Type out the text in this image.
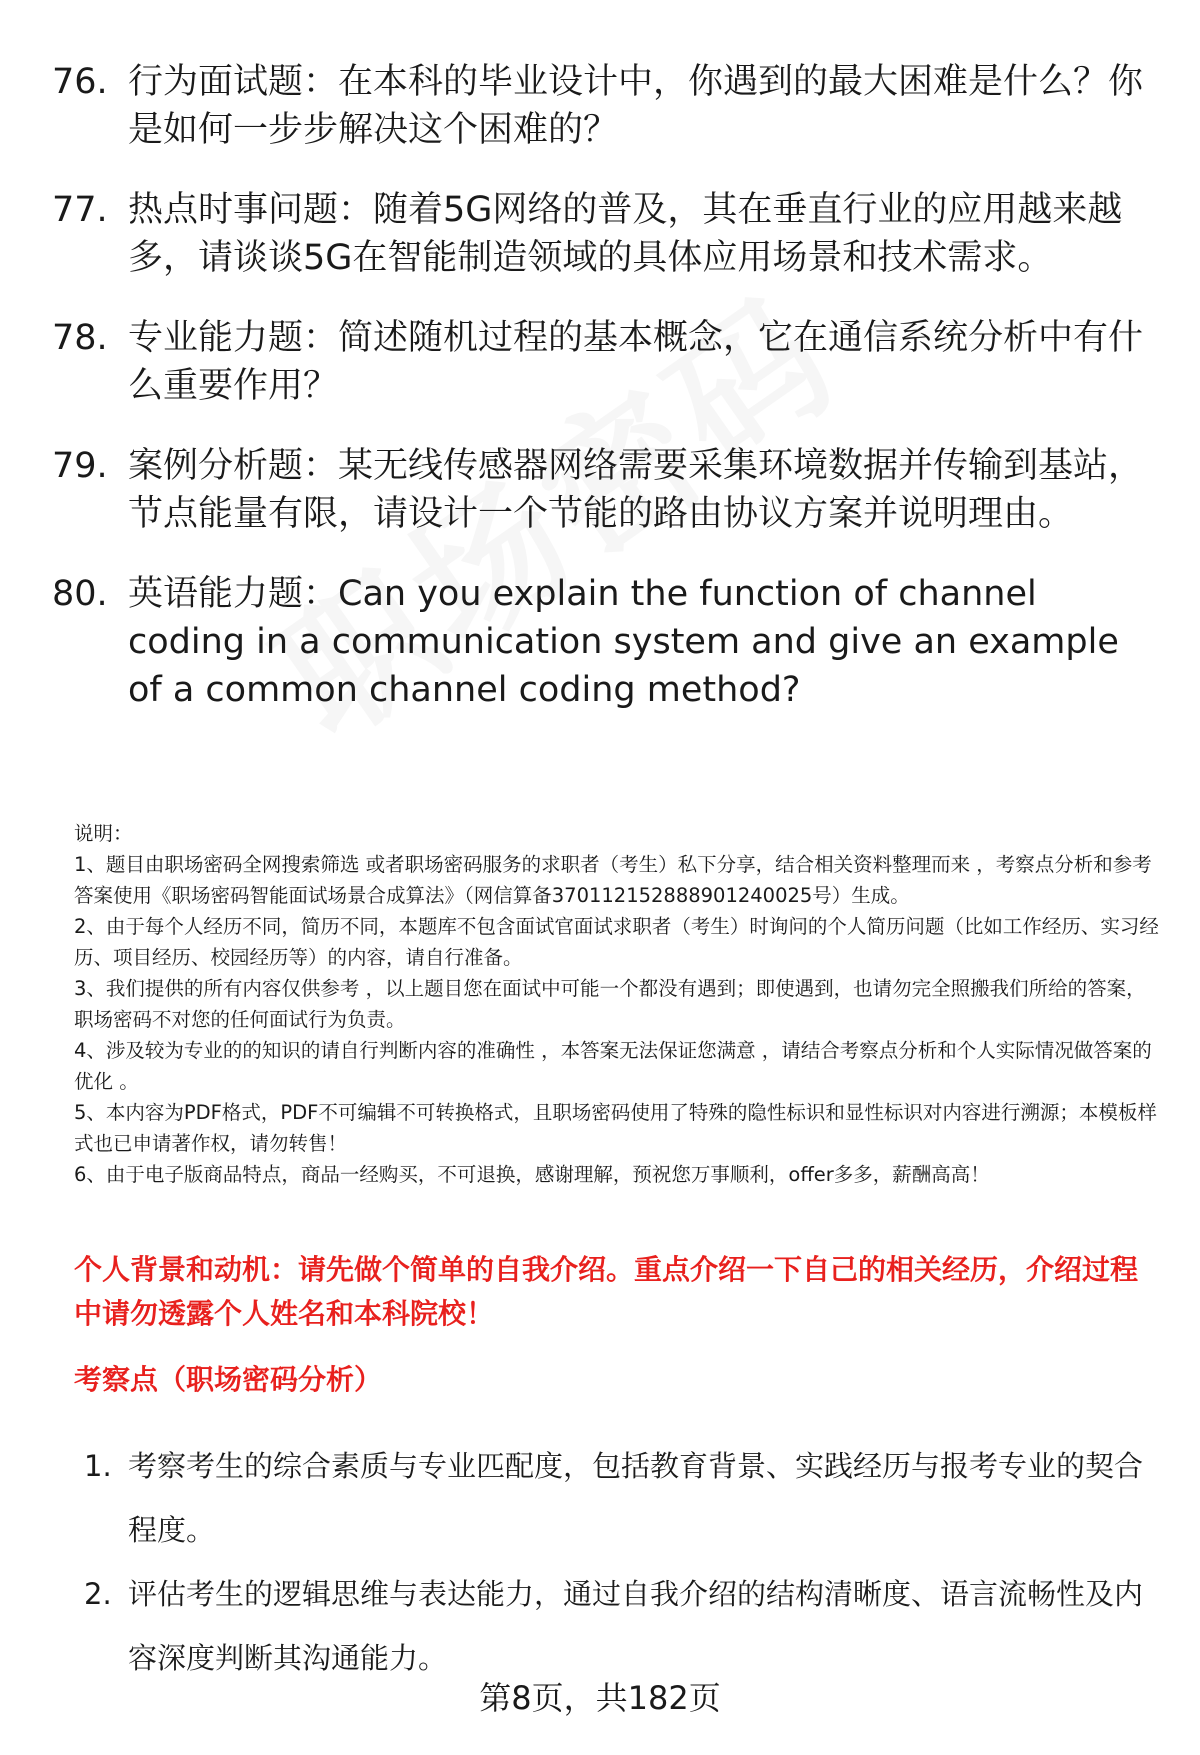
76. 行为面试题：在本科的毕业设计中，你遇到的最大困难是什么？你是如何一步步解决这个困难的？
77. 热点时事问题：随着5G网络的普及，其在垂直行业的应用越来越多，请谈谈5G在智能制造领域的具体应用场景和技术需求。
78. 专业能力题：简述随机过程的基本概念，它在通信系统分析中有什么重要作用？
79. 案例分析题：某无线传感器网络需要采集环境数据并传输到基站，节点能量有限，请设计一个节能的路由协议方案并说明理由。
80. 英语能力题：Can you explain the function of channel coding in a communication system and give an example of a common channel coding method?
说明：
1、题目由职场密码全网搜索筛选 或者职场密码服务的求职者（考生）私下分享，结合相关资料整理而来 ，考察点分析和参考答案使用《职场密码智能面试场景合成算法》（网信算备370112152888901240025号）生成。
2、由于每个人经历不同，简历不同，本题库不包含面试官面试求职者（考生）时询问的个人简历问题（比如工作经历、实习经历、项目经历、校园经历等）的内容，请自行准备。
3、我们提供的所有内容仅供参考 ，以上题目您在面试中可能一个都没有遇到；即使遇到，也请勿完全照搬我们所给的答案，职场密码不对您的任何面试行为负责。
4、涉及较为专业的的知识的请自行判断内容的准确性 ，本答案无法保证您满意 ，请结合考察点分析和个人实际情况做答案的优化 。
5、本内容为PDF格式，PDF不可编辑不可转换格式，且职场密码使用了特殊的隐性标识和显性标识对内容进行溯源；本模板样式也已申请著作权，请勿转售！
6、由于电子版商品特点，商品一经购买，不可退换，感谢理解，预祝您万事顺利，offer多多，薪酬高高！
个人背景和动机：请先做个简单的自我介绍。重点介绍一下自己的相关经历，介绍过程中请勿透露个人姓名和本科院校！
考察点（职场密码分析）
1. 考察考生的综合素质与专业匹配度，包括教育背景、实践经历与报考专业的契合程度。
2. 评估考生的逻辑思维与表达能力，通过自我介绍的结构清晰度、语言流畅性及内容深度判断其沟通能力。
第8页，共182页
